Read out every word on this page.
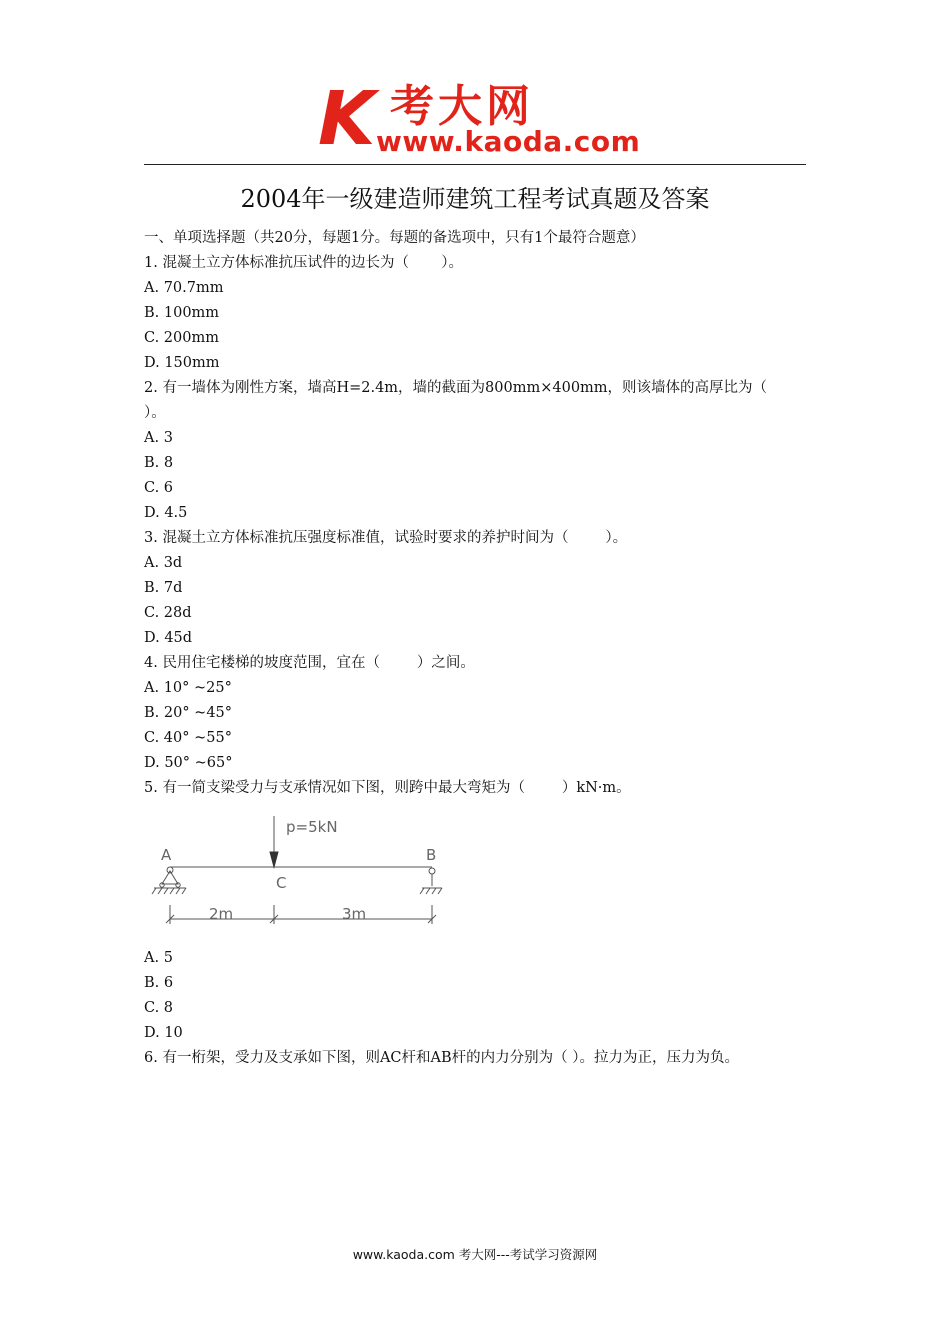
K 考大网
www.kaoda.com
2004年一级建造师建筑工程考试真题及答案
一、单项选择题（共20分，每题1分。每题的备选项中，只有1个最符合题意）
1. 混凝土立方体标准抗压试件的边长为（       ）。
A. 70.7mm
B. 100mm
C. 200mm
D. 150mm
2. 有一墙体为刚性方案，墙高H=2.4m，墙的截面为800mm×400mm，则该墙体的高厚比为（
）。
A. 3
B. 8
C. 6
D. 4.5
3. 混凝土立方体标准抗压强度标准值，试验时要求的养护时间为（        ）。
A. 3d
B. 7d
C. 28d
D. 45d
4. 民用住宅楼梯的坡度范围，宜在（        ）之间。
A. 10° ~25°
B. 20° ~45°
C. 40° ~55°
D. 50° ~65°
5. 有一简支梁受力与支承情况如下图，则跨中最大弯矩为（        ）kN·m。
p=5kN
A	B
C
2m	3m
A. 5
B. 6
C. 8
D. 10
6. 有一桁架，受力及支承如下图，则AC杆和AB杆的内力分别为（ ）。拉力为正，压力为负。
www.kaoda.com 考大网---考试学习资源网
